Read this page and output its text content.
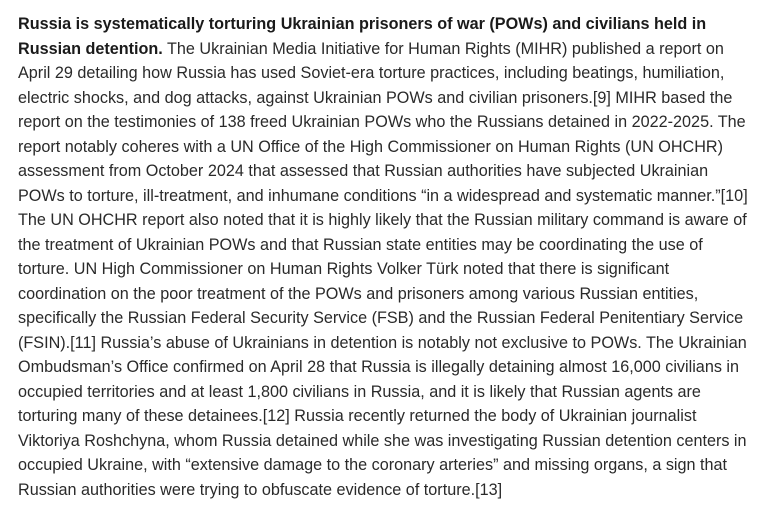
Russia is systematically torturing Ukrainian prisoners of war (POWs) and civilians held in Russian detention. The Ukrainian Media Initiative for Human Rights (MIHR) published a report on April 29 detailing how Russia has used Soviet-era torture practices, including beatings, humiliation, electric shocks, and dog attacks, against Ukrainian POWs and civilian prisoners.[9] MIHR based the report on the testimonies of 138 freed Ukrainian POWs who the Russians detained in 2022-2025. The report notably coheres with a UN Office of the High Commissioner on Human Rights (UN OHCHR) assessment from October 2024 that assessed that Russian authorities have subjected Ukrainian POWs to torture, ill-treatment, and inhumane conditions “in a widespread and systematic manner.”[10] The UN OHCHR report also noted that it is highly likely that the Russian military command is aware of the treatment of Ukrainian POWs and that Russian state entities may be coordinating the use of torture. UN High Commissioner on Human Rights Volker Türk noted that there is significant coordination on the poor treatment of the POWs and prisoners among various Russian entities, specifically the Russian Federal Security Service (FSB) and the Russian Federal Penitentiary Service (FSIN).[11] Russia’s abuse of Ukrainians in detention is notably not exclusive to POWs. The Ukrainian Ombudsman’s Office confirmed on April 28 that Russia is illegally detaining almost 16,000 civilians in occupied territories and at least 1,800 civilians in Russia, and it is likely that Russian agents are torturing many of these detainees.[12] Russia recently returned the body of Ukrainian journalist Viktoriya Roshchyna, whom Russia detained while she was investigating Russian detention centers in occupied Ukraine, with “extensive damage to the coronary arteries” and missing organs, a sign that Russian authorities were trying to obfuscate evidence of torture.[13]
